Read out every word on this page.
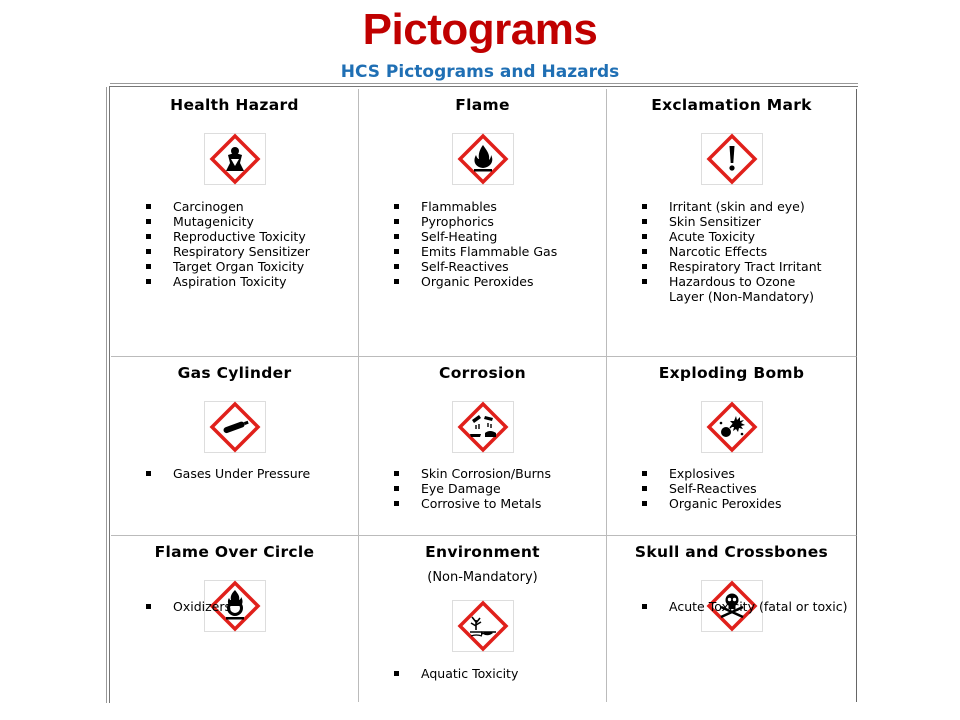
Pictograms
HCS Pictograms and Hazards
Health Hazard
Carcinogen
Mutagenicity
Reproductive Toxicity
Respiratory Sensitizer
Target Organ Toxicity
Aspiration Toxicity
Flame
Flammables
Pyrophorics
Self-Heating
Emits Flammable Gas
Self-Reactives
Organic Peroxides
Exclamation Mark
Irritant (skin and eye)
Skin Sensitizer
Acute Toxicity
Narcotic Effects
Respiratory Tract Irritant
Hazardous to Ozone Layer (Non-Mandatory)
Gas Cylinder
Gases Under Pressure
Corrosion
Skin Corrosion/Burns
Eye Damage
Corrosive to Metals
Exploding Bomb
Explosives
Self-Reactives
Organic Peroxides
Flame Over Circle
Oxidizers
Environment
(Non-Mandatory)
Aquatic Toxicity
Skull and Crossbones
Acute Toxicity (fatal or toxic)
